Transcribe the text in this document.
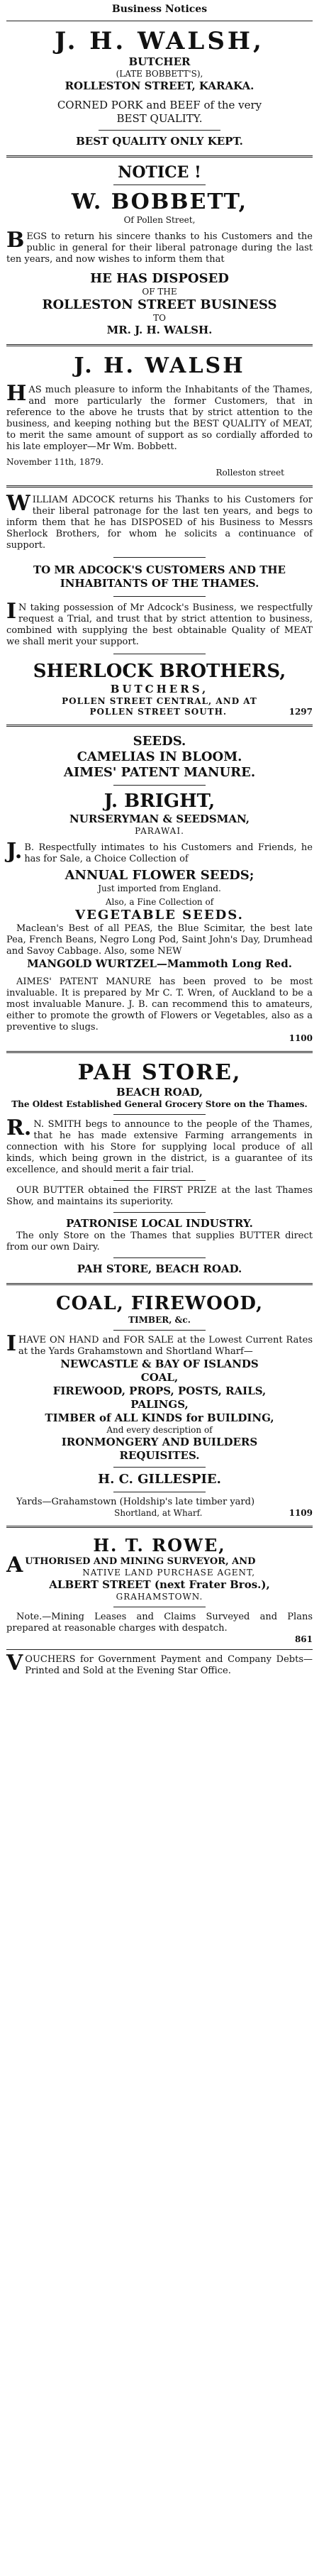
Business Notices
J. H. WALSH,
BUTCHER
(LATE BOBBETT'S),
ROLLESTON STREET, KARAKA.
CORNED PORK and BEEF of the very
BEST QUALITY.
BEST QUALITY ONLY KEPT.
NOTICE !
W. BOBBETT,
Of Pollen Street,
BEGS to return his sincere thanks to his Customers and the public in general for their liberal patronage during the last ten years, and now wishes to inform them that
HE HAS DISPOSED
OF THE
ROLLESTON STREET BUSINESS
TO
MR. J. H. WALSH.
J. H. WALSH
HAS much pleasure to inform the Inhabitants of the Thames, and more particularly the former Customers, that in reference to the above he trusts that by strict attention to the business, and keeping nothing but the BEST QUALITY of MEAT, to merit the same amount of support as so cordially afforded to his late employer—Mr Wm. Bobbett.
November 11th, 1879.
Rolleston street
WILLIAM ADCOCK returns his Thanks to his Customers for their liberal patronage for the last ten years, and begs to inform them that he has DISPOSED of his Business to Messrs Sherlock Brothers, for whom he solicits a continuance of support.
TO MR ADCOCK'S CUSTOMERS AND THE INHABITANTS OF THE THAMES.
IN taking possession of Mr Adcock's Business, we respectfully request a Trial, and trust that by strict attention to business, combined with supplying the best obtainable Quality of MEAT we shall merit your support.
SHERLOCK BROTHERS,
BUTCHERS,
POLLEN STREET CENTRAL, AND AT
POLLEN STREET SOUTH.	1297
SEEDS.
CAMELIAS IN BLOOM.
AIMES' PATENT MANURE.
J. BRIGHT,
NURSERYMAN & SEEDSMAN,
PARAWAI.
J.B. Respectfully intimates to his Customers and Friends, he has for Sale, a Choice Collection of
ANNUAL FLOWER SEEDS;
Just imported from England.
Also, a Fine Collection of
VEGETABLE SEEDS.
Maclean's Best of all PEAS, the Blue Scimitar, the best late Pea, French Beans, Negro Long Pod, Saint John's Day, Drumhead and Savoy Cabbage. Also, some NEW
MANGOLD WURTZEL—Mammoth Long Red.
AIMES' PATENT MANURE has been proved to be most invaluable. It is prepared by Mr C. T. Wren, of Auckland to be a most invaluable Manure. J. B. can recommend this to amateurs, either to promote the growth of Flowers or Vegetables, also as a preventive to slugs.
1100
PAH STORE,
BEACH ROAD,
The Oldest Established General Grocery Store on the Thames.
R.N. SMITH begs to announce to the people of the Thames, that he has made extensive Farming arrangements in connection with his Store for supplying local produce of all kinds, which being grown in the district, is a guarantee of its excellence, and should merit a fair trial.
OUR BUTTER obtained the FIRST PRIZE at the last Thames Show, and maintains its superiority.
PATRONISE LOCAL INDUSTRY.
The only Store on the Thames that supplies BUTTER direct from our own Dairy.
PAH STORE, BEACH ROAD.
COAL, FIREWOOD,
TIMBER, &c.
IHAVE ON HAND and FOR SALE at the Lowest Current Rates at the Yards Grahamstown and Shortland Wharf—
NEWCASTLE & BAY OF ISLANDS
COAL,
FIREWOOD, PROPS, POSTS, RAILS,
PALINGS,
TIMBER of ALL KINDS for BUILDING,
And every description of
IRONMONGERY AND BUILDERS
REQUISITES.
H. C. GILLESPIE.
Yards—Grahamstown (Holdship's late timber yard)
Shortland, at Wharf.	1109
H. T. ROWE,
AUTHORISED AND MINING SURVEYOR, AND
NATIVE LAND PURCHASE AGENT,
ALBERT STREET (next Frater Bros.),
GRAHAMSTOWN.
Note.—Mining Leases and Claims Surveyed and Plans prepared at reasonable charges with despatch.
861
VOUCHERS for Government Payment and Company Debts—Printed and Sold at the Evening Star Office.
